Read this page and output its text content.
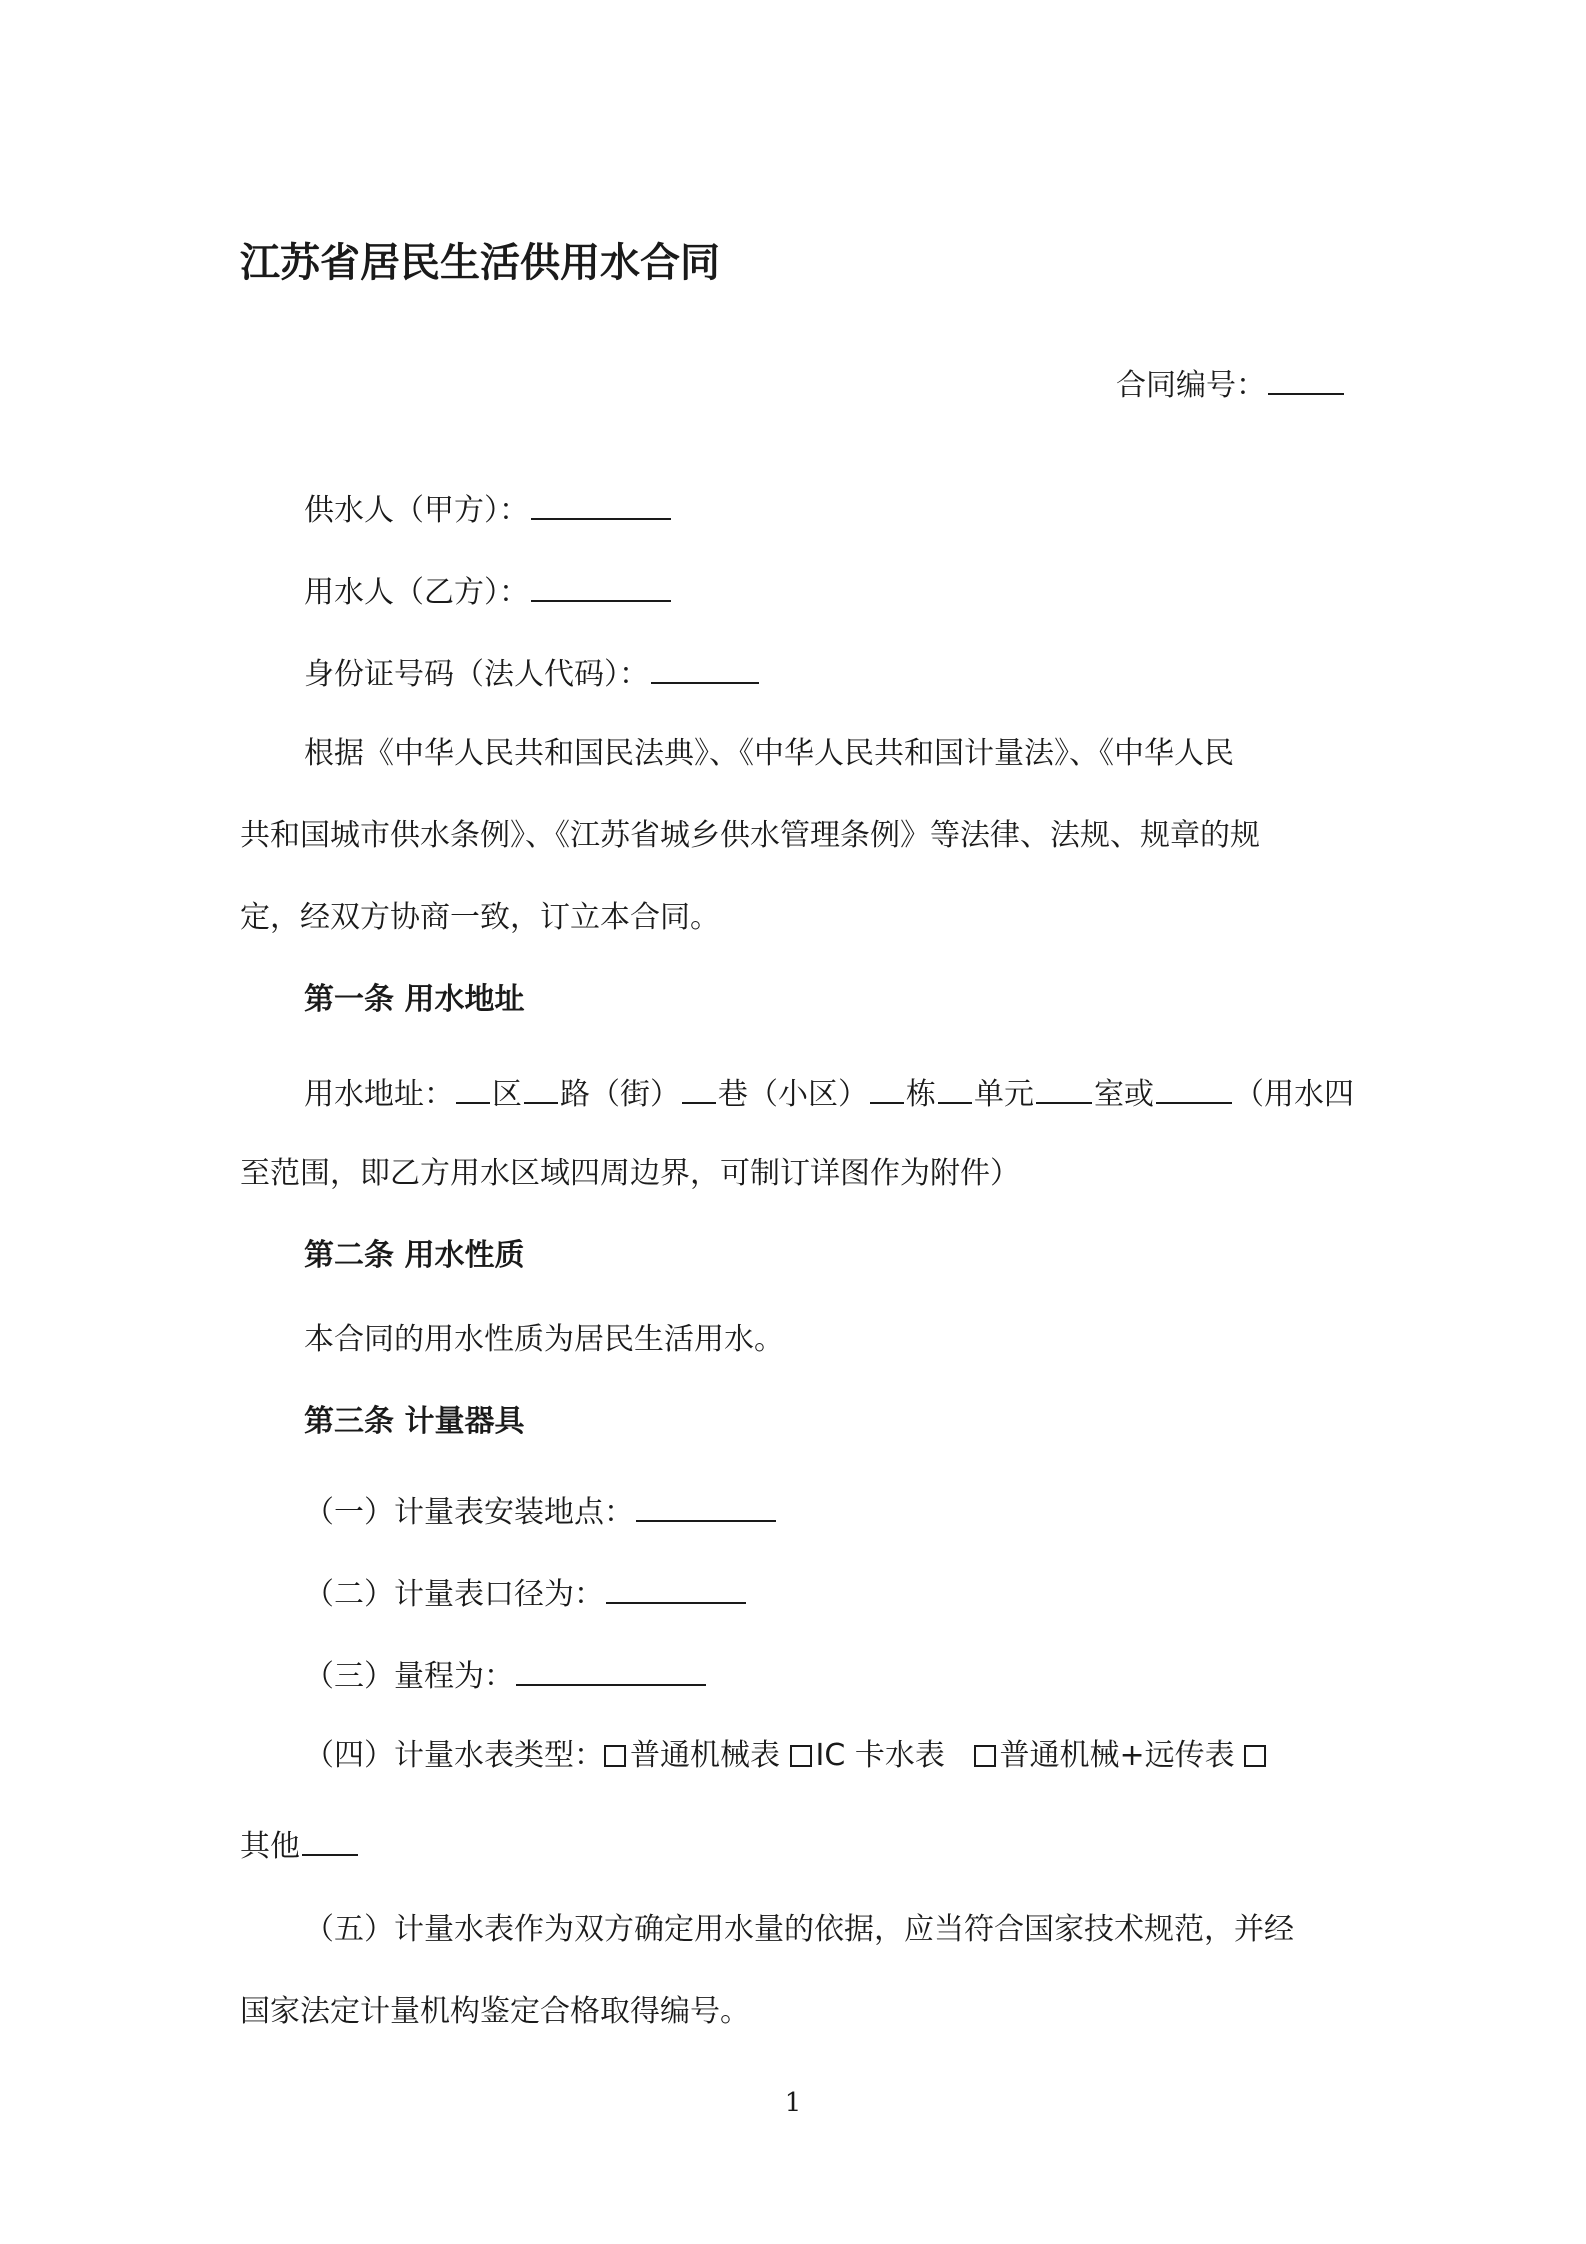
江苏省居民生活供用水合同
合同编号：
供水人（甲方）：
用水人（乙方）：
身份证号码（法人代码）：
根据《中华人民共和国民法典》、《中华人民共和国计量法》、《中华人民
共和国城市供水条例》、《江苏省城乡供水管理条例》等法律、法规、规章的规
定，经双方协商一致，订立本合同。
第一条 用水地址
用水地址： 区 路（街） 巷（小区） 栋 单元 室或	（用水四
至范围，即乙方用水区域四周边界，可制订详图作为附件）
第二条 用水性质
本合同的用水性质为居民生活用水。
第三条 计量器具
（一）计量表安装地点：
（二）计量表口径为：
（三）量程为：
（四）计量水表类型： 普通机械表 IC 卡水表 普通机械+远传表
其他
（五）计量水表作为双方确定用水量的依据，应当符合国家技术规范，并经
国家法定计量机构鉴定合格取得编号。
1
